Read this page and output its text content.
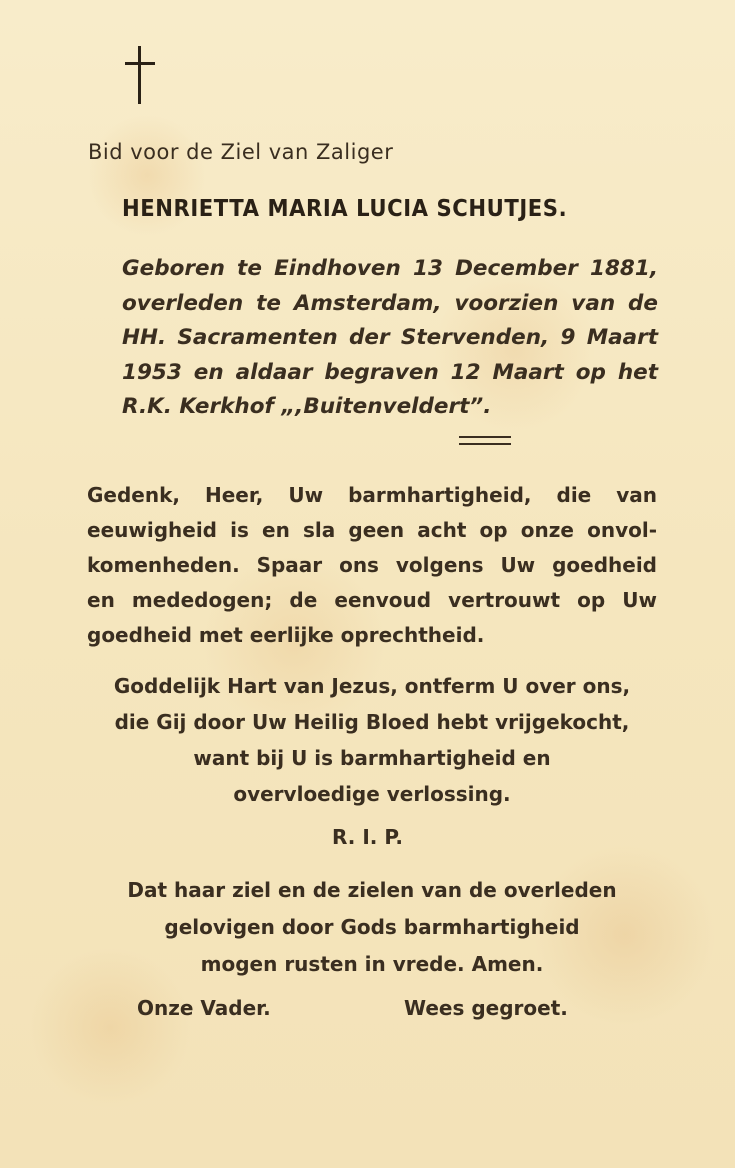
Bid voor de Ziel van Zaliger
HENRIETTA MARIA LUCIA SCHUTJES.
Geboren te Eindhoven 13 December 1881,
overleden te Amsterdam, voorzien van de
HH. Sacramenten der Stervenden, 9 Maart
1953 en aldaar begraven 12 Maart op het
R.K. Kerkhof „,Buitenveldert”.
Gedenk, Heer, Uw barmhartigheid, die van
eeuwigheid is en sla geen acht op onze onvol-
komenheden. Spaar ons volgens Uw goedheid
en mededogen; de eenvoud vertrouwt op Uw
goedheid met eerlijke oprechtheid.
Goddelijk Hart van Jezus, ontferm U over ons,
die Gij door Uw Heilig Bloed hebt vrijgekocht,
want bij U is barmhartigheid en
overvloedige verlossing.
R. I. P.
Dat haar ziel en de zielen van de overleden
gelovigen door Gods barmhartigheid
mogen rusten in vrede. Amen.
Onze Vader.	Wees gegroet.
